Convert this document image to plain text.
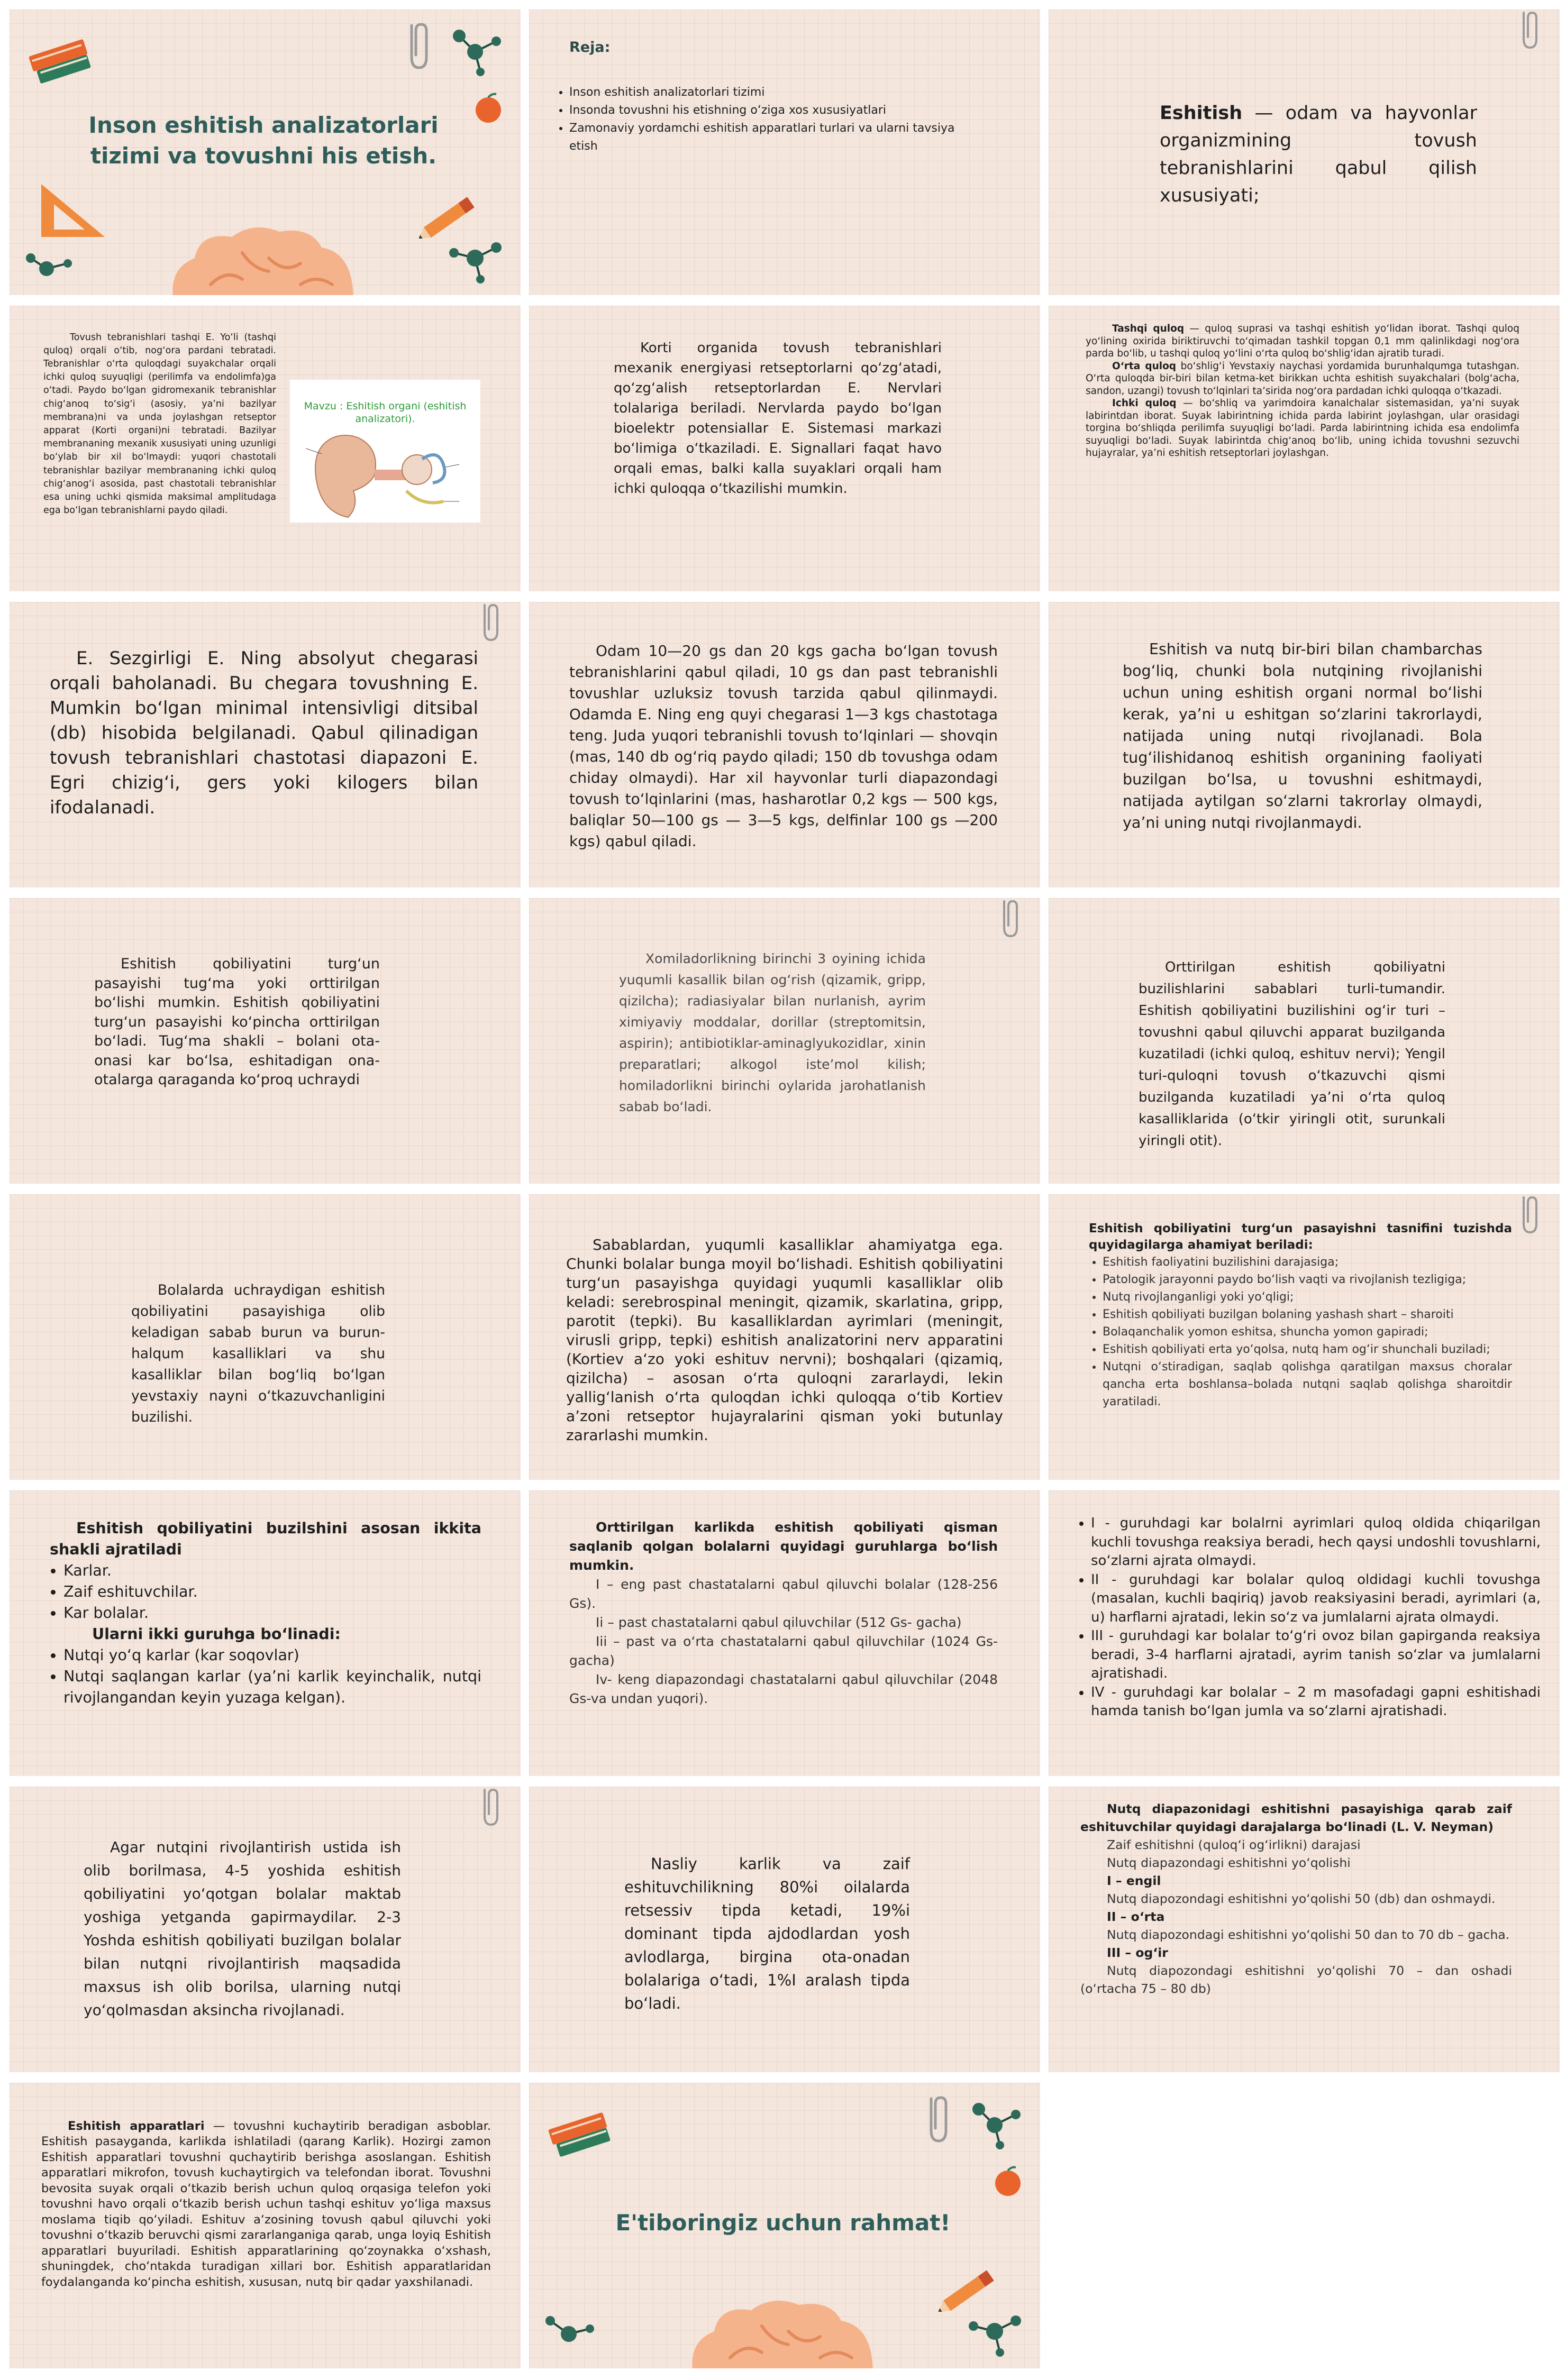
Inson eshitish analizatorlari tizimi va tovushni his etish.
Reja:
• Inson eshitish analizatorlari tizimi
• Insonda tovushni his etishning o‘ziga xos xususiyatlari
• Zamonaviy yordamchi eshitish apparatlari turlari va ularni tavsiya etish

Eshitish — odam va hayvonlar organizmining tovush tebranishlarini qabul qilish xususiyati;

Tovush tebranishlari tashqi E. Yo‘li (tashqi quloq) orqali o‘tib, nog‘ora pardani tebratadi. Tebranishlar o‘rta quloqdagi suyakchalar orqali ichki quloq suyuqligi (perilimfa va endolimfa)ga o‘tadi. Paydo bo‘lgan gidromexanik tebranishlar chig‘anoq to‘sig‘i (asosiy, ya’ni bazilyar membrana)ni va unda joylashgan retseptor apparat (Korti organi)ni tebratadi. Bazilyar membrananing mexanik xususiyati uning uzunligi bo‘ylab bir xil bo‘lmaydi: yuqori chastotali tebranishlar bazilyar membrananing ichki quloq chig‘anog‘i asosida, past chastotali tebranishlar esa uning uchki qismida maksimal amplitudaga ega bo‘lgan tebranishlarni paydo qiladi.

Mavzu : Eshitish organi (eshitish analizatori).

Korti organida tovush tebranishlari mexanik energiyasi retseptorlarni qo‘zg‘atadi, qo‘zg‘alish retseptorlardan E. Nervlari tolalariga beriladi. Nervlarda paydo bo‘lgan bioelektr potensiallar E. Sistemasi markazi bo‘limiga o‘tkaziladi. E. Signallari faqat havo orqali emas, balki kalla suyaklari orqali ham ichki quloqqa o‘tkazilishi mumkin.

Tashqi quloq — quloq suprasi va tashqi eshitish yo‘lidan iborat. Tashqi quloq yo‘lining oxirida biriktiruvchi to‘qimadan tashkil topgan 0,1 mm qalinlikdagi nog‘ora parda bo‘lib, u tashqi quloq yo‘lini o‘rta quloq bo‘shlig‘idan ajratib turadi.

O‘rta quloq bo‘shlig‘i Yevstaxiy naychasi yordamida burunhalqumga tutashgan. O‘rta quloqda bir-biri bilan ketma-ket birikkan uchta eshitish suyakchalari (bolg‘acha, sandon, uzangi) tovush to‘lqinlari ta’sirida nog‘ora pardadan ichki quloqqa o‘tkazadi.

Ichki quloq — bo‘shliq va yarimdoira kanalchalar sistemasidan, ya’ni suyak labirintdan iborat. Suyak labirintning ichida parda labirint joylashgan, ular orasidagi torgina bo‘shliqda perilimfa suyuqligi bo‘ladi. Parda labirintning ichida esa endolimfa suyuqligi bo‘ladi. Suyak labirintda chig‘anoq bo‘lib, uning ichida tovushni sezuvchi hujayralar, ya’ni eshitish retseptorlari joylashgan.

E. Sezgirligi E. Ning absolyut chegarasi orqali baholanadi. Bu chegara tovushning E. Mumkin bo‘lgan minimal intensivligi ditsibal (db) hisobida belgilanadi. Qabul qilinadigan tovush tebranishlari chastotasi diapazoni E. Egri chizig‘i, gers yoki kilogers bilan ifodalanadi.

Odam 10—20 gs dan 20 kgs gacha bo‘lgan tovush tebranishlarini qabul qiladi, 10 gs dan past tebranishli tovushlar uzluksiz tovush tarzida qabul qilinmaydi. Odamda E. Ning eng quyi chegarasi 1—3 kgs chastotaga teng. Juda yuqori tebranishli tovush to‘lqinlari — shovqin (mas, 140 db og‘riq paydo qiladi; 150 db tovushga odam chiday olmaydi). Har xil hayvonlar turli diapazondagi tovush to‘lqinlarini (mas, hasharotlar 0,2 kgs — 500 kgs, baliqlar 50—100 gs — 3—5 kgs, delfinlar 100 gs —200 kgs) qabul qiladi.

Eshitish va nutq bir-biri bilan chambarchas bog‘liq, chunki bola nutqining rivojlanishi uchun uning eshitish organi normal bo‘lishi kerak, ya’ni u eshitgan so‘zlarini takrorlaydi, natijada uning nutqi rivojlanadi. Bola tug‘ilishidanoq eshitish organining faoliyati buzilgan bo‘lsa, u tovushni eshitmaydi, natijada aytilgan so‘zlarni takrorlay olmaydi, ya’ni uning nutqi rivojlanmaydi.

Eshitish qobiliyatini turg‘un pasayishi tug‘ma yoki orttirilgan bo‘lishi mumkin. Eshitish qobiliyatini turg‘un pasayishi ko‘pincha orttirilgan bo‘ladi. Tug‘ma shakli – bolani ota-onasi kar bo‘lsa, eshitadigan ona-otalarga qaraganda ko‘proq uchraydi

Xomiladorlikning birinchi 3 oyining ichida yuqumli kasallik bilan og‘rish (qizamik, gripp, qizilcha); radiasiyalar bilan nurlanish, ayrim ximiyaviy moddalar, dorillar (streptomitsin, aspirin); antibiotiklar-aminaglyukozidlar, xinin preparatlari; alkogol iste’mol kilish; homiladorlikni birinchi oylarida jarohatlanish sabab bo‘ladi.

Orttirilgan eshitish qobiliyatni buzilishlarini sabablari turli-tumandir. Eshitish qobiliyatini buzilishini og‘ir turi – tovushni qabul qiluvchi apparat buzilganda kuzatiladi (ichki quloq, eshituv nervi); Yengil turi-quloqni tovush o‘tkazuvchi qismi buzilganda kuzatiladi ya’ni o‘rta quloq kasalliklarida (o‘tkir yiringli otit, surunkali yiringli otit).

Bolalarda uchraydigan eshitish qobiliyatini pasayishiga olib keladigan sabab burun va burun-halqum kasalliklari va shu kasalliklar bilan bog‘liq bo‘lgan yevstaxiy nayni o‘tkazuvchanligini buzilishi.

Sabablardan, yuqumli kasalliklar ahamiyatga ega. Chunki bolalar bunga moyil bo‘lishadi. Eshitish qobiliyatini turg‘un pasayishga quyidagi yuqumli kasalliklar olib keladi: serebrospinal meningit, qizamik, skarlatina, gripp, parotit (tepki). Bu kasalliklardan ayrimlari (meningit, virusli gripp, tepki) eshitish analizatorini nerv apparatini (Kortiev a‘zo yoki eshituv nervni); boshqalari (qizamiq, qizilcha) – asosan o‘rta quloqni zararlaydi, lekin yallig‘lanish o‘rta quloqdan ichki quloqqa o‘tib Kortiev a’zoni retseptor hujayralarini qisman yoki butunlay zararlashi mumkin.

Eshitish qobiliyatini turg‘un pasayishni tasnifini tuzishda quyidagilarga ahamiyat beriladi:

• Eshitish faoliyatini buzilishini darajasiga;
• Patologik jarayonni paydo bo‘lish vaqti va rivojlanish tezligiga;
• Nutq rivojlanganligi yoki yo‘qligi;
• Eshitish qobiliyati buzilgan bolaning yashash shart – sharoiti
• Bolaqanchalik yomon eshitsa, shuncha yomon gapiradi;
• Eshitish qobiliyati erta yo‘qolsa, nutq ham og‘ir shunchali buziladi;
• Nutqni o‘stiradigan, saqlab qolishga qaratilgan maxsus choralar qancha erta boshlansa–bolada nutqni saqlab qolishga sharoitdir yaratiladi.

Eshitish qobiliyatini buzilshini asosan ikkita shakli ajratiladi

• Karlar.
• Zaif eshituvchilar.
• Kar bolalar.

Ularni ikki guruhga bo‘linadi:

• Nutqi yo‘q karlar (kar soqovlar)
• Nutqi saqlangan karlar (ya’ni karlik keyinchalik, nutqi rivojlangandan keyin yuzaga kelgan).

Orttirilgan karlikda eshitish qobiliyati qisman saqlanib qolgan bolalarni quyidagi guruhlarga bo‘lish mumkin.

I – eng past chastatalarni qabul qiluvchi bolalar (128-256 Gs).

Ii – past chastatalarni qabul qiluvchilar (512 Gs- gacha)

Iii – past va o‘rta chastatalarni qabul qiluvchilar (1024 Gs-gacha)

Iv- keng diapazondagi chastatalarni qabul qiluvchilar (2048 Gs-va undan yuqori).

• I - guruhdagi kar bolalrni ayrimlari quloq oldida chiqarilgan kuchli tovushga reaksiya beradi, hech qaysi undoshli tovushlarni, so‘zlarni ajrata olmaydi.
• II - guruhdagi kar bolalar quloq oldidagi kuchli tovushga (masalan, kuchli baqiriq) javob reaksiyasini beradi, ayrimlari (a, u) harflarni ajratadi, lekin so‘z va jumlalarni ajrata olmaydi.
• III - guruhdagi kar bolalar to‘g‘ri ovoz bilan gapirganda reaksiya beradi, 3-4 harflarni ajratadi, ayrim tanish so‘zlar va jumlalarni ajratishadi.
• IV - guruhdagi kar bolalar – 2 m masofadagi gapni eshitishadi hamda tanish bo‘lgan jumla va so‘zlarni ajratishadi.

Agar nutqini rivojlantirish ustida ish olib borilmasa, 4-5 yoshida eshitish qobiliyatini yo‘qotgan bolalar maktab yoshiga yetganda gapirmaydilar. 2-3 Yoshda eshitish qobiliyati buzilgan bolalar bilan nutqni rivojlantirish maqsadida maxsus ish olib borilsa, ularning nutqi yo‘qolmasdan aksincha rivojlanadi.

Nasliy karlik va zaif eshituvchilikning 80%i oilalarda retsessiv tipda ketadi, 19%i dominant tipda ajdodlardan yosh avlodlarga, birgina ota-onadan bolalariga o‘tadi, 1%I aralash tipda bo‘ladi.

Nutq diapazonidagi eshitishni pasayishiga qarab zaif eshituvchilar quyidagi darajalarga bo‘linadi (L. V. Neyman)

Zaif eshitishni (quloq‘i og‘irlikni) darajasi

Nutq diapazondagi eshitishni yo‘qolishi

I – engil

Nutq diapozondagi eshitishni yo‘qolishi 50 (db) dan oshmaydi.

II – o‘rta

Nutq diapozondagi eshitishni yo‘qolishi 50 dan to 70 db – gacha.

III – og‘ir

Nutq diapozondagi eshitishni yo‘qolishi 70 – dan oshadi (o‘rtacha 75 – 80 db)

Eshitish apparatlari — tovushni kuchaytirib beradigan asboblar. Eshitish pasayganda, karlikda ishlatiladi (qarang Karlik). Hozirgi zamon Eshitish apparatlari tovushni quchaytirib berishga asoslangan. Eshitish apparatlari mikrofon, tovush kuchaytirgich va telefondan iborat. Tovushni bevosita suyak orqali o‘tkazib berish uchun quloq orqasiga telefon yoki tovushni havo orqali o‘tkazib berish uchun tashqi eshituv yo‘liga maxsus moslama tiqib qo‘yiladi. Eshituv a‘zosining tovush qabul qiluvchi yoki tovushni o‘tkazib beruvchi qismi zararlanganiga qarab, unga loyiq Eshitish apparatlari buyuriladi. Eshitish apparatlarining qo‘zoynakka o‘xshash, shuningdek, cho‘ntakda turadigan xillari bor. Eshitish apparatlaridan foydalanganda ko‘pincha eshitish, xususan, nutq bir qadar yaxshilanadi.

E'tiboringiz uchun rahmat!
